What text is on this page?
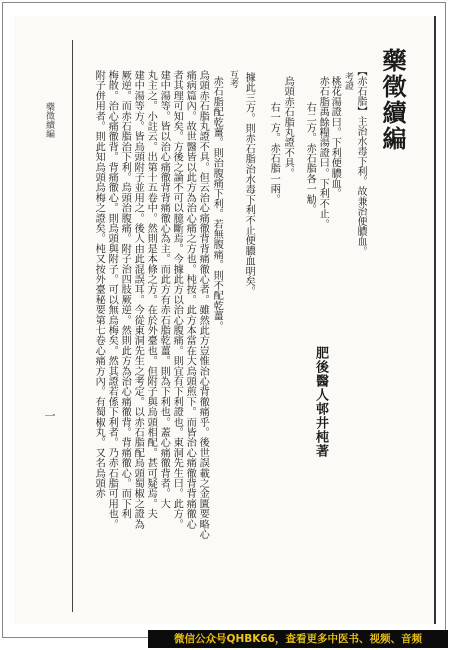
藥徵續編
肥後醫人邨井杶著
【赤石脂】主治水毒下利。故兼治便膿血。
考證
桃花湯證曰。下利便膿血。
赤石脂禹餘糧湯證曰。下利不止。
右二方。赤石脂各一觔。
烏頭赤石脂丸證不具。
右一方。赤石脂一兩。
據此三方。則赤石脂治水毒下利不止便膿血明矣。
互考
赤石脂配乾薑。則治腹痛下利。若無腹痛。則不配乾薑。
烏頭赤石脂丸證不具。但云治心痛徹背背痛徹心者。雖然此方豈惟治心背徹痛乎。後世誤載之金匱要略心
痛病篇內。故世醫皆以此方為治心痛之方也。杶按。此方本當在大烏頭煎下。而皆治心痛徹背背痛徹心
者其理可知矣。方後之論不可以臆斷焉。今據此方以治心腹痛。則宜有下利證也。東洞先生曰。此方。
建中湯等。皆以治心痛徹背背痛徹心為主。而此方有赤石脂乾薑。則為下利也。蓋心痛徹背者。大
丸主之。小註云。出第十五卷中。然則是本條之方。在於外臺也。但附子與烏頭相配。甚可疑焉。夫
建中湯等方。皆烏頭附子並用之。後人由此混誤耳。今從東洞先生之考定。以赤石脂配烏頭蜀椒之證為
厥逆。而赤石脂治下利。烏頭治腹痛。附子治四肢厥逆。然則此方為治心痛徹背。背痛徹心。而下利
梅散。治心痛徹背。背痛徹心。則烏頭與附子。可以無烏梅矣。然其證若係下利者。乃赤石脂可用也。
附子併用者。則此知烏頭烏梅之證矣。杶又按外臺秘要第七卷心痛方內。有蜀椒丸。又名烏頭赤
藥徵續編
一
微信公众号QHBK66，查看更多中医书、视频、音频
